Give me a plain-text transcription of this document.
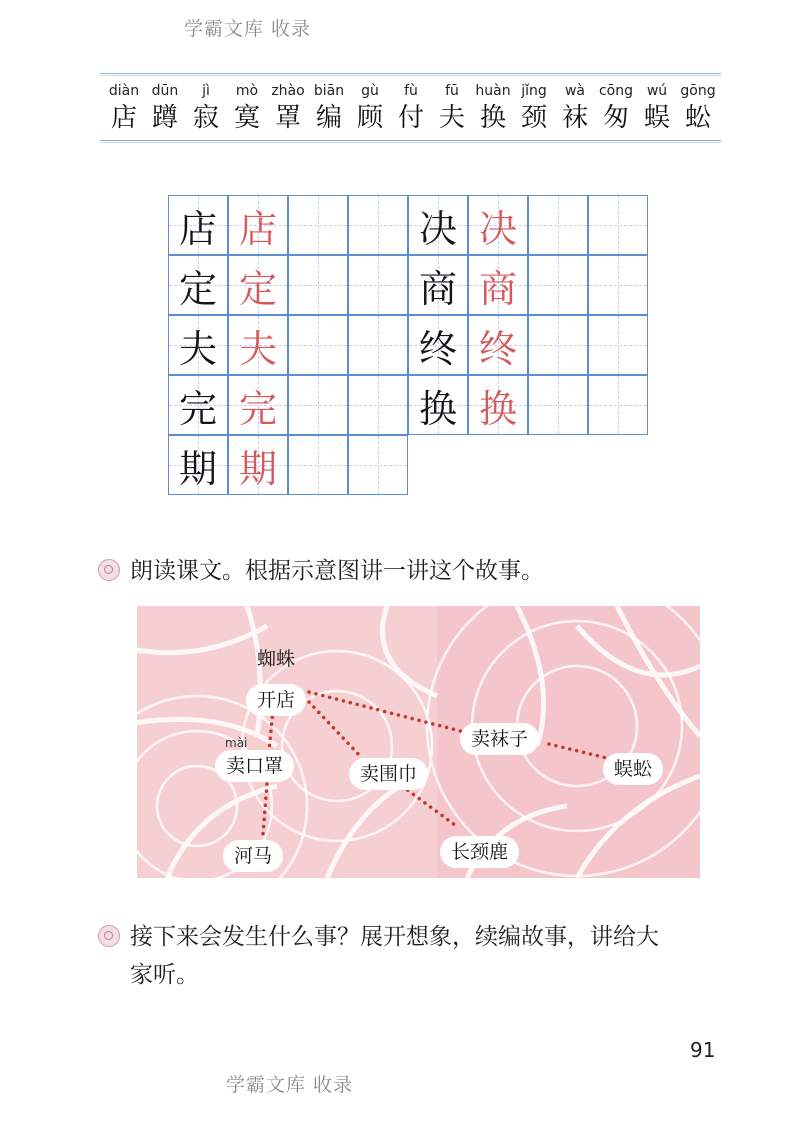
学霸文库 收录
diàn
店
dūn
蹲
jì
寂
mò
寞
zhào
罩
biān
编
gù
顾
fù
付
fū
夫
huàn
换
jǐng
颈
wà
袜
cōng
匆
wú
蜈
gōng
蚣
店 店
定 定
夫 夫
完 完
期 期
决 决
商 商
终 终
换 换
朗读课文。根据示意图讲一讲这个故事。
蜘蛛
开店
mài
卖口罩	卖围巾
卖袜子
河马	长颈鹿
蜈蚣
接下来会发生什么事？展开想象，续编故事，讲给大
家听。
91
学霸文库 收录
